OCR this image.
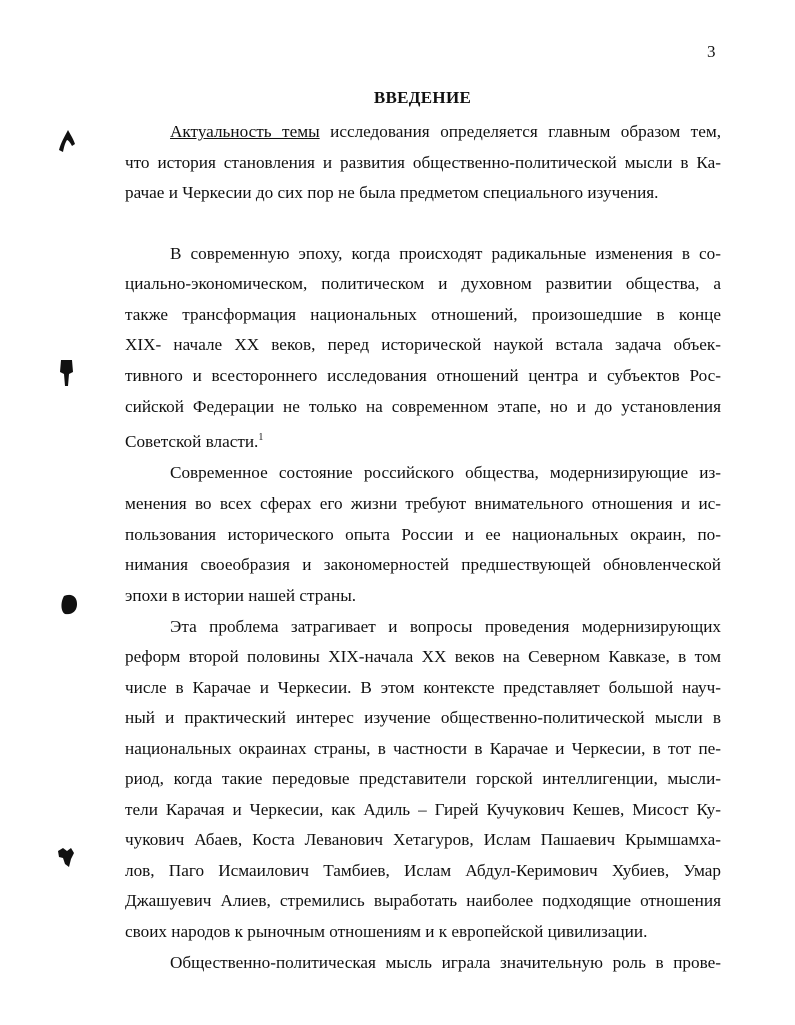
3
ВВЕДЕНИЕ
Актуальность темы исследования определяется главным образом тем,
что история становления и развития общественно-политической мысли в Ка-
рачае и Черкесии до сих пор не была предметом специального изучения.
В современную эпоху, когда происходят радикальные изменения в со-
циально-экономическом, политическом и духовном развитии общества, а
также трансформация национальных отношений, произошедшие в конце
XIX- начале XX веков, перед исторической наукой встала задача объек-
тивного и всестороннего исследования отношений центра и субъектов Рос-
сийской Федерации не только на современном этапе, но и до установления
Советской власти.$^1$
Современное состояние российского общества, модернизирующие из-
менения во всех сферах его жизни требуют внимательного отношения и ис-
пользования исторического опыта России и ее национальных окраин, по-
нимания своеобразия и закономерностей предшествующей обновленческой
эпохи в истории нашей страны.
Эта проблема затрагивает и вопросы проведения модернизирующих
реформ второй половины XIX-начала XX веков на Северном Кавказе, в том
числе в Карачае и Черкесии. В этом контексте представляет большой науч-
ный и практический интерес изучение общественно-политической мысли в
национальных окраинах страны, в частности в Карачае и Черкесии, в тот пе-
риод, когда такие передовые представители горской интеллигенции, мысли-
тели Карачая и Черкесии, как Адиль – Гирей Кучукович Кешев, Мисост Ку-
чукович Абаев, Коста Леванович Хетагуров, Ислам Пашаевич Крымшамха-
лов, Паго Исмаилович Тамбиев, Ислам Абдул-Керимович Хубиев, Умар
Джашуевич Алиев, стремились выработать наиболее подходящие отношения
своих народов к рыночным отношениям и к европейской цивилизации.
Общественно-политическая мысль играла значительную роль в прове-
